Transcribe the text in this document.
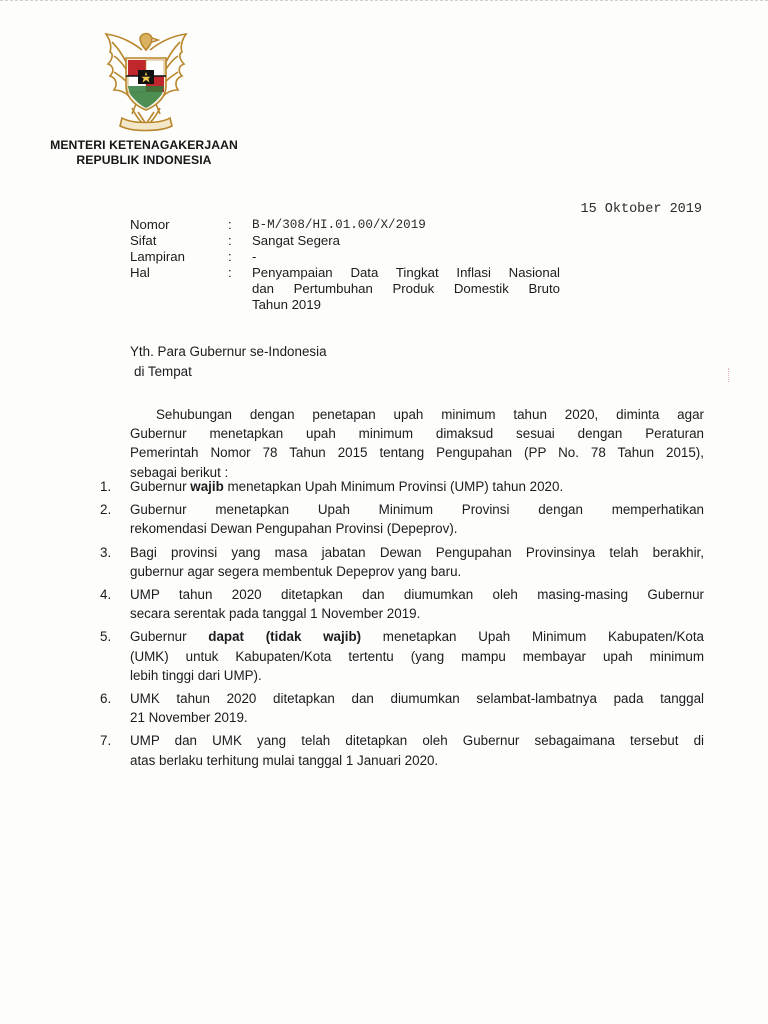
MENTERI KETENAGAKERJAAN
REPUBLIK INDONESIA
15 Oktober 2019
Nomor	:	B-M/308/HI.01.00/X/2019
Sifat	:	Sangat Segera
Lampiran	:	-
Hal	:	Penyampaian Data Tingkat Inflasi Nasional
dan Pertumbuhan Produk Domestik Bruto
Tahun 2019
Yth. Para Gubernur se-Indonesia
di Tempat
Sehubungan dengan penetapan upah minimum tahun 2020, diminta agar
Gubernur menetapkan upah minimum dimaksud sesuai dengan Peraturan
Pemerintah Nomor 78 Tahun 2015 tentang Pengupahan (PP No. 78 Tahun 2015),
sebagai berikut :
1.	Gubernur wajib menetapkan Upah Minimum Provinsi (UMP) tahun 2020.
2.	Gubernur menetapkan Upah Minimum Provinsi dengan memperhatikan
rekomendasi Dewan Pengupahan Provinsi (Depeprov).
3.	Bagi provinsi yang masa jabatan Dewan Pengupahan Provinsinya telah berakhir,
gubernur agar segera membentuk Depeprov yang baru.
4.	UMP tahun 2020 ditetapkan dan diumumkan oleh masing-masing Gubernur
secara serentak pada tanggal 1 November 2019.
5.	Gubernur dapat (tidak wajib) menetapkan Upah Minimum Kabupaten/Kota
(UMK) untuk Kabupaten/Kota tertentu (yang mampu membayar upah minimum
lebih tinggi dari UMP).
6.	UMK tahun 2020 ditetapkan dan diumumkan selambat-lambatnya pada tanggal
21 November 2019.
7.	UMP dan UMK yang telah ditetapkan oleh Gubernur sebagaimana tersebut di
atas berlaku terhitung mulai tanggal 1 Januari 2020.
